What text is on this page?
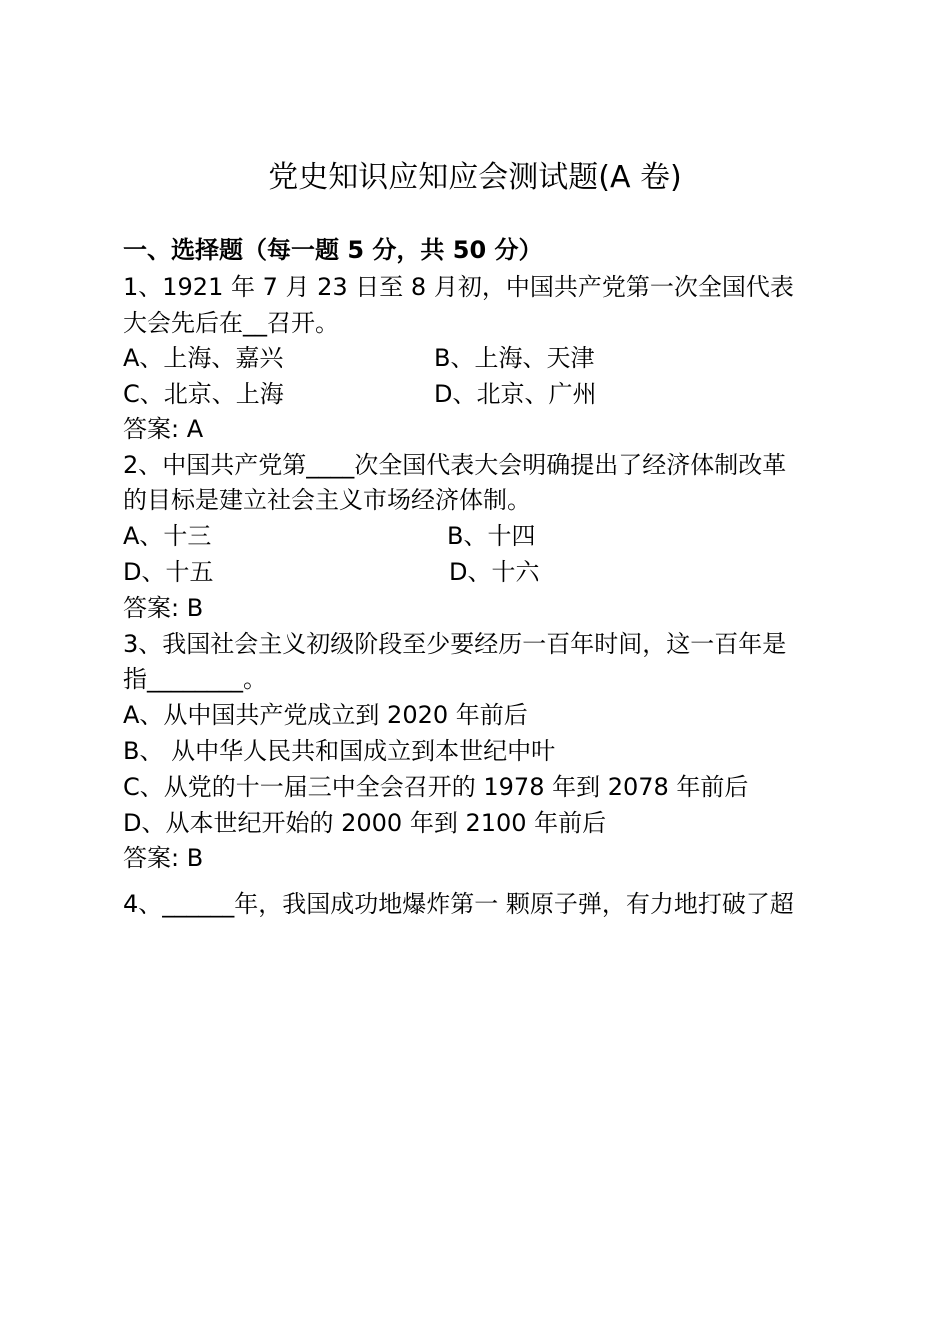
党史知识应知应会测试题(A 卷)
一、选择题（每一题 5 分，共 50 分）
1、1921 年 7 月 23 日至 8 月初，中国共产党第一次全国代表
大会先后在__召开。
A、上海、嘉兴	B、上海、天津
C、北京、上海	D、北京、广州
答案: A
2、中国共产党第____次全国代表大会明确提出了经济体制改革
的目标是建立社会主义市场经济体制。
A、十三	B、十四
D、十五	D、十六
答案: B
3、我国社会主义初级阶段至少要经历一百年时间，这一百年是
指________。
A、从中国共产党成立到 2020 年前后
B、 从中华人民共和国成立到本世纪中叶
C、从党的十一届三中全会召开的 1978 年到 2078 年前后
D、从本世纪开始的 2000 年到 2100 年前后
答案: B
4、______年，我国成功地爆炸第一 颗原子弹，有力地打破了超
